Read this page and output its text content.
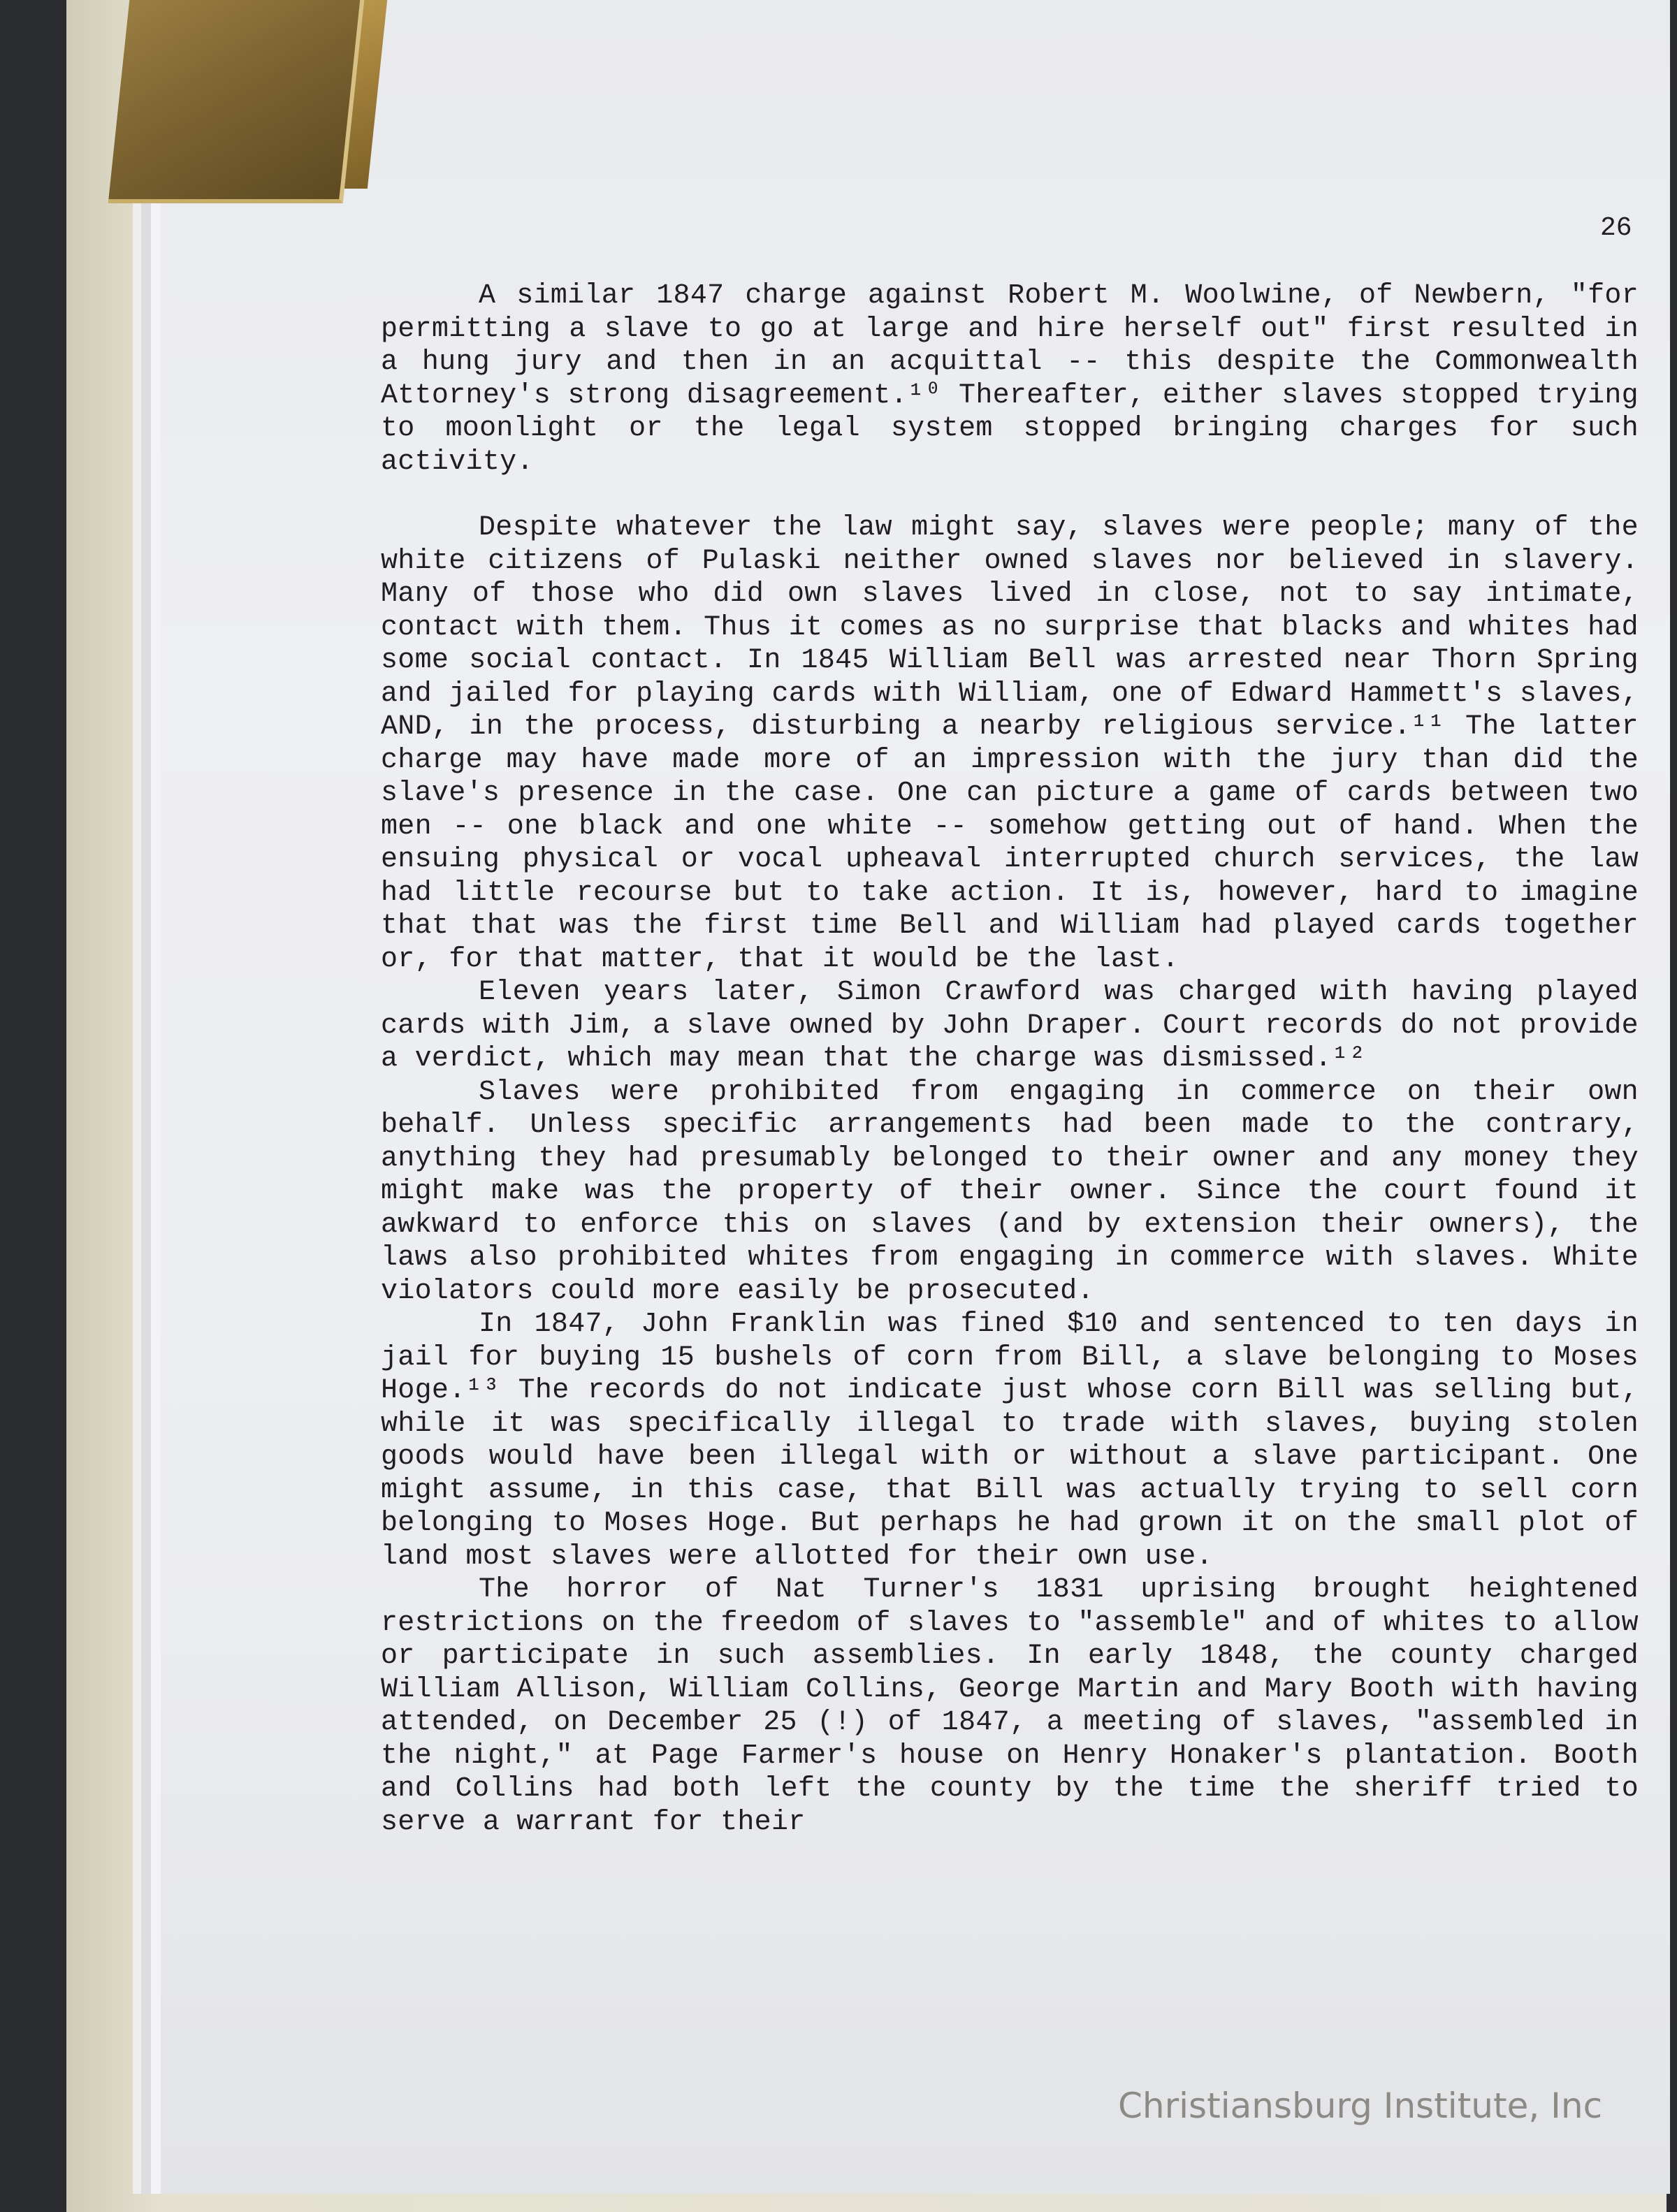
26

A similar 1847 charge against Robert M. Woolwine, of Newbern, "for permitting a slave to go at large and hire herself out" first resulted in a hung jury and then in an acquittal -- this despite the Commonwealth Attorney's strong disagreement.¹⁰ Thereafter, either slaves stopped trying to moonlight or the legal system stopped bringing charges for such activity.

Despite whatever the law might say, slaves were people; many of the white citizens of Pulaski neither owned slaves nor believed in slavery. Many of those who did own slaves lived in close, not to say intimate, contact with them. Thus it comes as no surprise that blacks and whites had some social contact. In 1845 William Bell was arrested near Thorn Spring and jailed for playing cards with William, one of Edward Hammett's slaves, AND, in the process, disturbing a nearby religious service.¹¹ The latter charge may have made more of an impression with the jury than did the slave's presence in the case. One can picture a game of cards between two men -- one black and one white -- somehow getting out of hand. When the ensuing physical or vocal upheaval interrupted church services, the law had little recourse but to take action. It is, however, hard to imagine that that was the first time Bell and William had played cards together or, for that matter, that it would be the last.

Eleven years later, Simon Crawford was charged with having played cards with Jim, a slave owned by John Draper. Court records do not provide a verdict, which may mean that the charge was dismissed.¹²

Slaves were prohibited from engaging in commerce on their own behalf. Unless specific arrangements had been made to the contrary, anything they had presumably belonged to their owner and any money they might make was the property of their owner. Since the court found it awkward to enforce this on slaves (and by extension their owners), the laws also prohibited whites from engaging in commerce with slaves. White violators could more easily be prosecuted.

In 1847, John Franklin was fined $10 and sentenced to ten days in jail for buying 15 bushels of corn from Bill, a slave belonging to Moses Hoge.¹³ The records do not indicate just whose corn Bill was selling but, while it was specifically illegal to trade with slaves, buying stolen goods would have been illegal with or without a slave participant. One might assume, in this case, that Bill was actually trying to sell corn belonging to Moses Hoge. But perhaps he had grown it on the small plot of land most slaves were allotted for their own use.

The horror of Nat Turner's 1831 uprising brought heightened restrictions on the freedom of slaves to "assemble" and of whites to allow or participate in such assemblies. In early 1848, the county charged William Allison, William Collins, George Martin and Mary Booth with having attended, on December 25 (!) of 1847, a meeting of slaves, "assembled in the night," at Page Farmer's house on Henry Honaker's plantation. Booth and Collins had both left the county by the time the sheriff tried to serve a warrant for their

Christiansburg Institute, Inc
